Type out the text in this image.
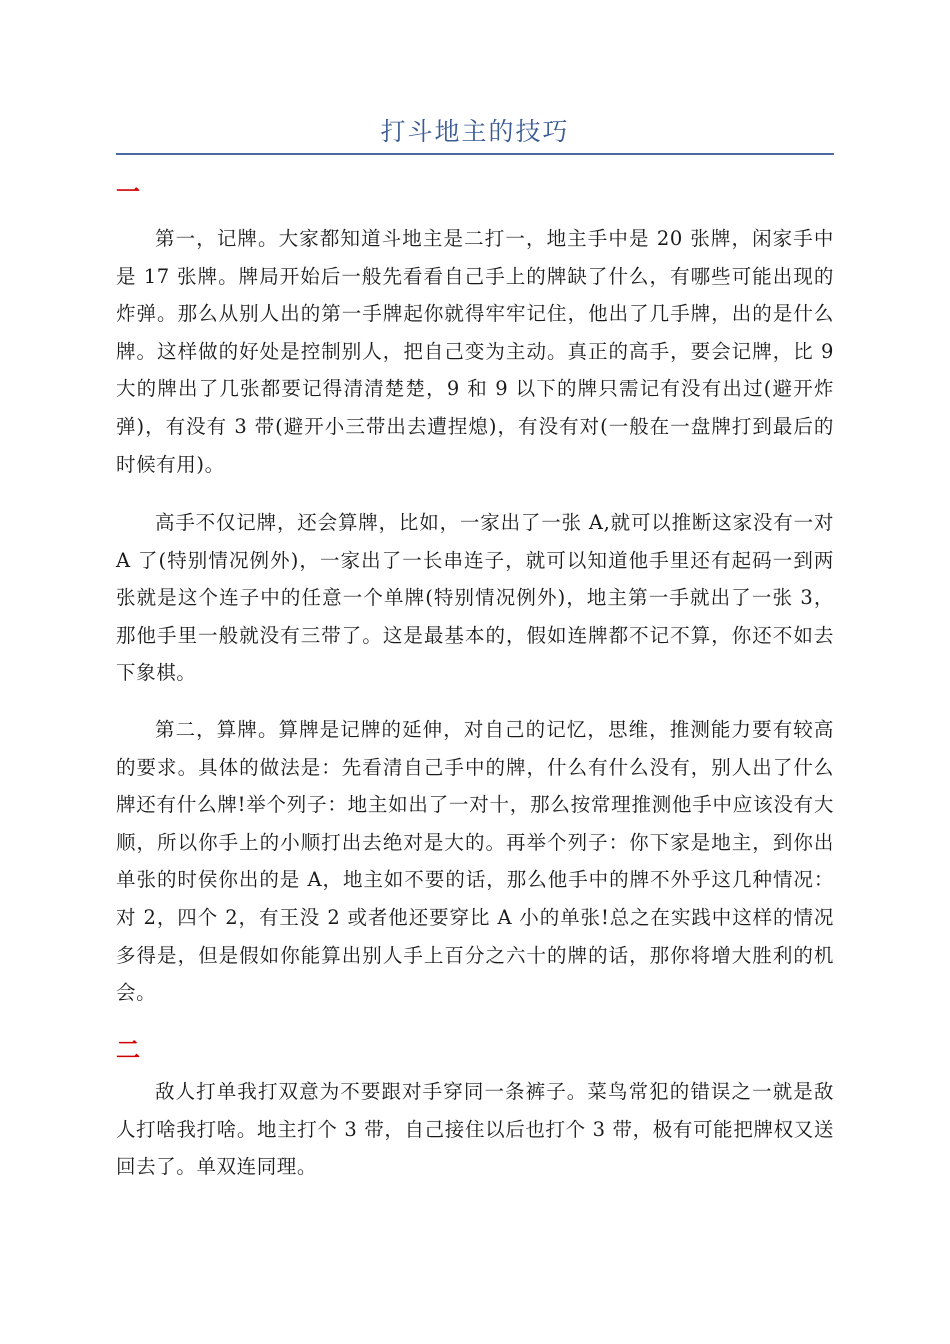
打斗地主的技巧
一

第一，记牌。大家都知道斗地主是二打一，地主手中是 20 张牌，闲家手中是 17 张牌。牌局开始后一般先看看自己手上的牌缺了什么，有哪些可能出现的炸弹。那么从别人出的第一手牌起你就得牢牢记住，他出了几手牌，出的是什么牌。这样做的好处是控制别人，把自己变为主动。真正的高手，要会记牌，比 9 大的牌出了几张都要记得清清楚楚，9 和 9 以下的牌只需记有没有出过(避开炸弹)，有没有 3 带(避开小三带出去遭捏熄)，有没有对(一般在一盘牌打到最后的时候有用)。

高手不仅记牌，还会算牌，比如，一家出了一张 A,就可以推断这家没有一对 A 了(特别情况例外)，一家出了一长串连子，就可以知道他手里还有起码一到两张就是这个连子中的任意一个单牌(特别情况例外)，地主第一手就出了一张 3，那他手里一般就没有三带了。这是最基本的，假如连牌都不记不算，你还不如去下象棋。

第二，算牌。算牌是记牌的延伸，对自己的记忆，思维，推测能力要有较高的要求。具体的做法是：先看清自己手中的牌，什么有什么没有，别人出了什么牌还有什么牌!举个列子：地主如出了一对十，那么按常理推测他手中应该没有大顺，所以你手上的小顺打出去绝对是大的。再举个列子：你下家是地主，到你出单张的时侯你出的是 A，地主如不要的话，那么他手中的牌不外乎这几种情况：对 2，四个 2，有王没 2 或者他还要穿比 A 小的单张!总之在实践中这样的情况多得是，但是假如你能算出别人手上百分之六十的牌的话，那你将增大胜利的机会。

二

敌人打单我打双意为不要跟对手穿同一条裤子。菜鸟常犯的错误之一就是敌人打啥我打啥。地主打个 3 带，自己接住以后也打个 3 带，极有可能把牌权又送回去了。单双连同理。
